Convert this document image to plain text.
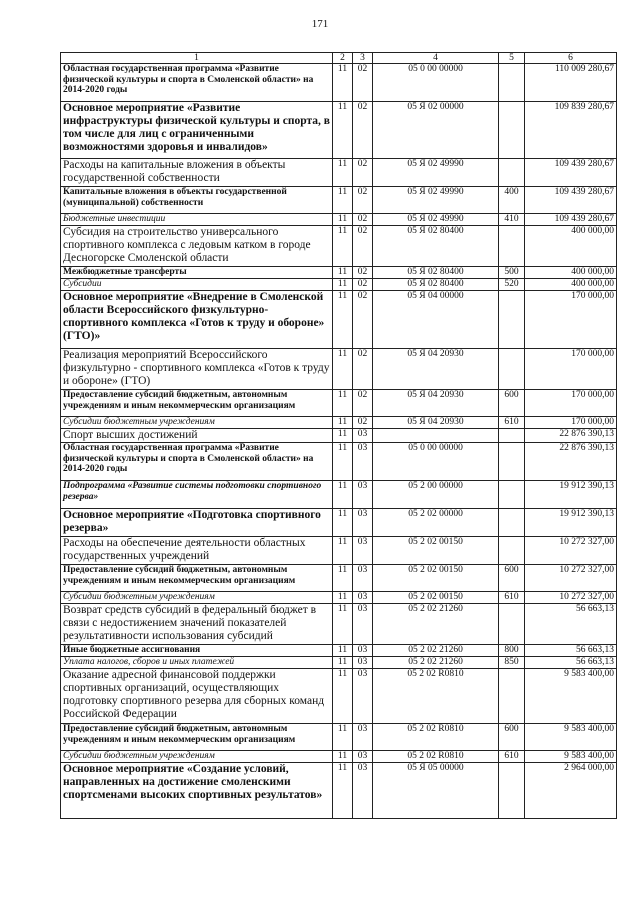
171
1	2	3	4	5	6
Областная государственная программа «Развитие физической культуры и спорта в Смоленской области» на 2014-2020 годы	11	02	05 0 00 00000		110 009 280,67
Основное мероприятие «Развитие инфраструктуры физической культуры и спорта, в том числе для лиц с ограниченными возможностями здоровья и инвалидов»	11	02	05 Я 02 00000		109 839 280,67
Расходы на капитальные вложения в объекты государственной собственности	11	02	05 Я 02 49990		109 439 280,67
Капитальные вложения в объекты государственной (муниципальной) собственности	11	02	05 Я 02 49990	400	109 439 280,67
Бюджетные инвестиции	11	02	05 Я 02 49990	410	109 439 280,67
Субсидия на строительство универсального спортивного комплекса с ледовым катком в городе Десногорске Смоленской области	11	02	05 Я 02 80400		400 000,00
Межбюджетные трансферты	11	02	05 Я 02 80400	500	400 000,00
Субсидии	11	02	05 Я 02 80400	520	400 000,00
Основное мероприятие «Внедрение в Смоленской области Всероссийского физкультурно-спортивного комплекса «Готов к труду и обороне» (ГТО)»	11	02	05 Я 04 00000		170 000,00
Реализация мероприятий Всероссийского физкультурно - спортивного комплекса «Готов к труду и обороне» (ГТО)	11	02	05 Я 04 20930		170 000,00
Предоставление субсидий бюджетным, автономным учреждениям и иным некоммерческим организациям	11	02	05 Я 04 20930	600	170 000,00
Субсидии бюджетным учреждениям	11	02	05 Я 04 20930	610	170 000,00
Спорт высших достижений	11	03			22 876 390,13
Областная государственная программа «Развитие физической культуры и спорта в Смоленской области» на 2014-2020 годы	11	03	05 0 00 00000		22 876 390,13
Подпрограмма «Развитие системы подготовки спортивного резерва»	11	03	05 2 00 00000		19 912 390,13
Основное мероприятие «Подготовка спортивного резерва»	11	03	05 2 02 00000		19 912 390,13
Расходы на обеспечение деятельности областных государственных учреждений	11	03	05 2 02 00150		10 272 327,00
Предоставление субсидий бюджетным, автономным учреждениям и иным некоммерческим организациям	11	03	05 2 02 00150	600	10 272 327,00
Субсидии бюджетным учреждениям	11	03	05 2 02 00150	610	10 272 327,00
Возврат средств субсидий в федеральный бюджет в связи с недостижением значений показателей результативности использования субсидий	11	03	05 2 02 21260		56 663,13
Иные бюджетные ассигнования	11	03	05 2 02 21260	800	56 663,13
Уплата налогов, сборов и иных платежей	11	03	05 2 02 21260	850	56 663,13
Оказание адресной финансовой поддержки спортивных организаций, осуществляющих подготовку спортивного резерва для сборных команд Российской Федерации	11	03	05 2 02 R0810		9 583 400,00
Предоставление субсидий бюджетным, автономным учреждениям и иным некоммерческим организациям	11	03	05 2 02 R0810	600	9 583 400,00
Субсидии бюджетным учреждениям	11	03	05 2 02 R0810	610	9 583 400,00
Основное мероприятие «Создание условий, направленных на достижение смоленскими спортсменами высоких спортивных результатов»	11	03	05 Я 05 00000		2 964 000,00
